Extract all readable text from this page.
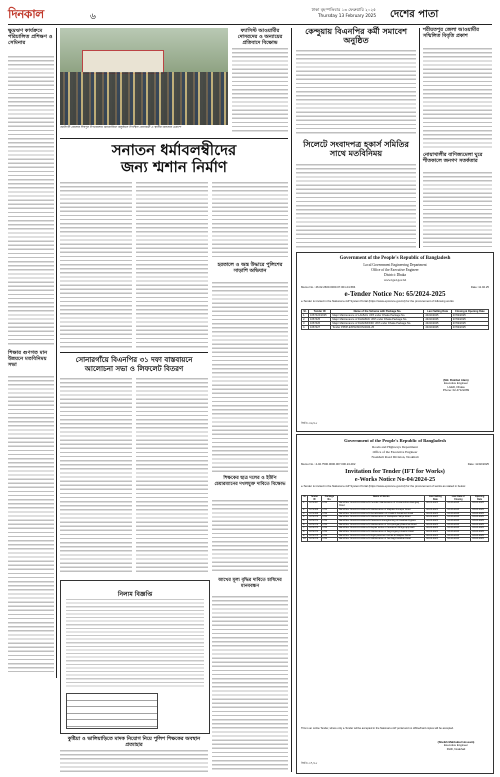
দিনকাল	৬
ঢাকা বৃহস্পতিবার ১৩ ফেব্রুয়ারি ২০২৫
Thursday 13 February 2025 দেশের পাতা
ক্ষুদ্রঋণ কার্যক্রমে পরিচালিত প্রশিক্ষণ ও সেমিনার
শিক্ষার গুণগত মান উন্নয়নে মতবিনিময় সভা
নরসিংদী জেলার শিবপুর উপজেলায় আয়োজিত অনুষ্ঠানে উপস্থিত নেতাকর্মী ও স্থানীয় জনতার একাংশ
ফ্যাসিস্ট আওয়ামীর দোসরদের ও অন্যায়ের প্রতিবাদে বিক্ষোভ
সনাতন ধর্মাবলম্বীদের
জন্য শ্মশান নির্মাণ
হরতালে ও অন্ত্র উদ্ধারে পুলিশের সাড়াশি অভিযান
সোনারগাঁয়ে বিএনপির ৩১ দফা বাস্তবায়নে আলোচনা সভা ও লিফলেট বিতরণ
শিক্ষকের ছাত্র দলের ও ইউপি চেয়ারম্যানের দখলমুক্ত দাবিতে বিক্ষোভ
নিলাম বিজ্ঞপ্তি
আখের মূল্য বৃদ্ধির দাবিতে চাষিদের মানববন্ধন
কুষ্টিয়া ও ভালিয়াড়িতে মাদক নিয়োগ নিয়ে পুলিশ শিক্ষকের অবস্থান প্রত্যাহার
কেন্দুয়ায় বিএনপির কর্মী সমাবেশ অনুষ্ঠিত
সিলেটে সংবাদপত্র হকার্স সমিতির সাথে মতবিনিময়
শরীয়তপুর জেলা আওয়ামীর সম্মিলিত বিবৃতি প্রকাশ
নোয়াখালীর বাণিজ্যমেলা ঘুরে শীতকালে জনগণ সতর্কতার
Government of the People's Republic of Bangladesh
Local Government Engineering Department
Office of the Executive Engineer
District: Dhaka
www.lged.gov.bd
Memo No.: 46.02.2600.0000.07.001.24-584	Date: 11.02.25
e-Tender Notice No: 65/2024-2025
e-Tender is invited in the National e-GP System Portal (https://www.eprocure.gov.bd) for the procurement of following works:
Sl.	Tender ID	Name of the Scheme with Package No.	Last Selling Date	Closing & Opening Date
1.	1067424/2025	Major Maintenance of LALBAG UPZ under Dhaka Package No.	24/02/2025	27/02/2025
2.	1067425	Major Maintenance of DHAMRAI UPZ under Dhaka Package No.	24/02/2025	27/02/2025
3.	1067426	Major Maintenance of DHANMONDI UPZ under Dhaka Package No.	24/02/2025	27/02/2025
4.	1067427	Tender PPDP-EXPANSION/2024-25	24/02/2025	27/02/2025
(Md. Rokibul Alam)
Executive Engineer
LGED, Dhaka
Phone: 02-47122289
জিডি-৩৬/২৫
Government of the People's Republic of Bangladesh
Roads and Highways Department
Office of the Executive Engineer
Noakhali Road Division, Noakhali
Memo No.: 4-02.7500.0000.007.000.24-002	Date: 11/02/2025
Invitation for Tender (IFT for Works)
e-Works Notice No-04/2024-25
e-Tender is invited in the National e-GP System Portal (https://www.eprocure.gov.bd) for the procurement of works as stated in below:
Sl.	Tender ID	Package No.	Name of Works	Last Selling Date	Last Date of Closing	Opening Date
1.	1072367	LTM	BESPMA/ NOA/NOO/2024-25 Periodic Maintenance of Chowmuhoni-Ramganj Road	02-03-2025	03-03-2025	03-03-2025
2.	1072368	LTM	BESPMA/ NOA/NOO/2024-25 Maintenance of Maijdee-Sonapur Road	02-03-2025	03-03-2025	03-03-2025
3.	1072369	LTM	BESPMA/ NOA/NOO/2024-25 Rehabilitation of Chatkhil-Sonaimuri Road	02-03-2025	03-03-2025	03-03-2025
4.	1072370	LTM	BESPMA/ NOA/NOO/2024-25 Maintenance of Dattapara-Hatiya Road	02-03-2025	03-03-2025	03-03-2025
5.	1072371	LTM	BESPMA/ NOA/NOO/2024-25 Pavement strengthening of Noakhali Bypass	02-03-2025	03-03-2025	03-03-2025
6.	1072372	LTM	BESPMA/ NOA/NOO/2024-25 Maintenance of Companiganj-Basurhat Road	02-03-2025	03-03-2025	03-03-2025
7.	1072373	LTM	BESPMA/ NOA/NOO/2024-25 Repair works of Sonaimuri Bridge approach	02-03-2025	03-03-2025	03-03-2025
8.	1072374	LTM	BESPMA/ NOA/NOO/2024-25 Maintenance of Begumganj-Chatkhil Road	02-03-2025	03-03-2025	03-03-2025
9.	1072375	LTM	BESPMA/ NOA/NOO/2024-25 Rigid pavement works at Maijdee Bazar	02-03-2025	03-03-2025	03-03-2025
10.	1072376	LTM	BESPMA/ NOA/NOO/2024-25 Maintenance of Senbag-Kanaihat Road	02-03-2025	03-03-2025	03-03-2025
This is an online Tender, where only e-Tender will be accepted in the National e-GP portal and no offline/hard copies will be accepted.
(Sheikh Mahbubul Hossain)
Executive Engineer
RHD, Noakhali
জিডি-৩৭/২৫
